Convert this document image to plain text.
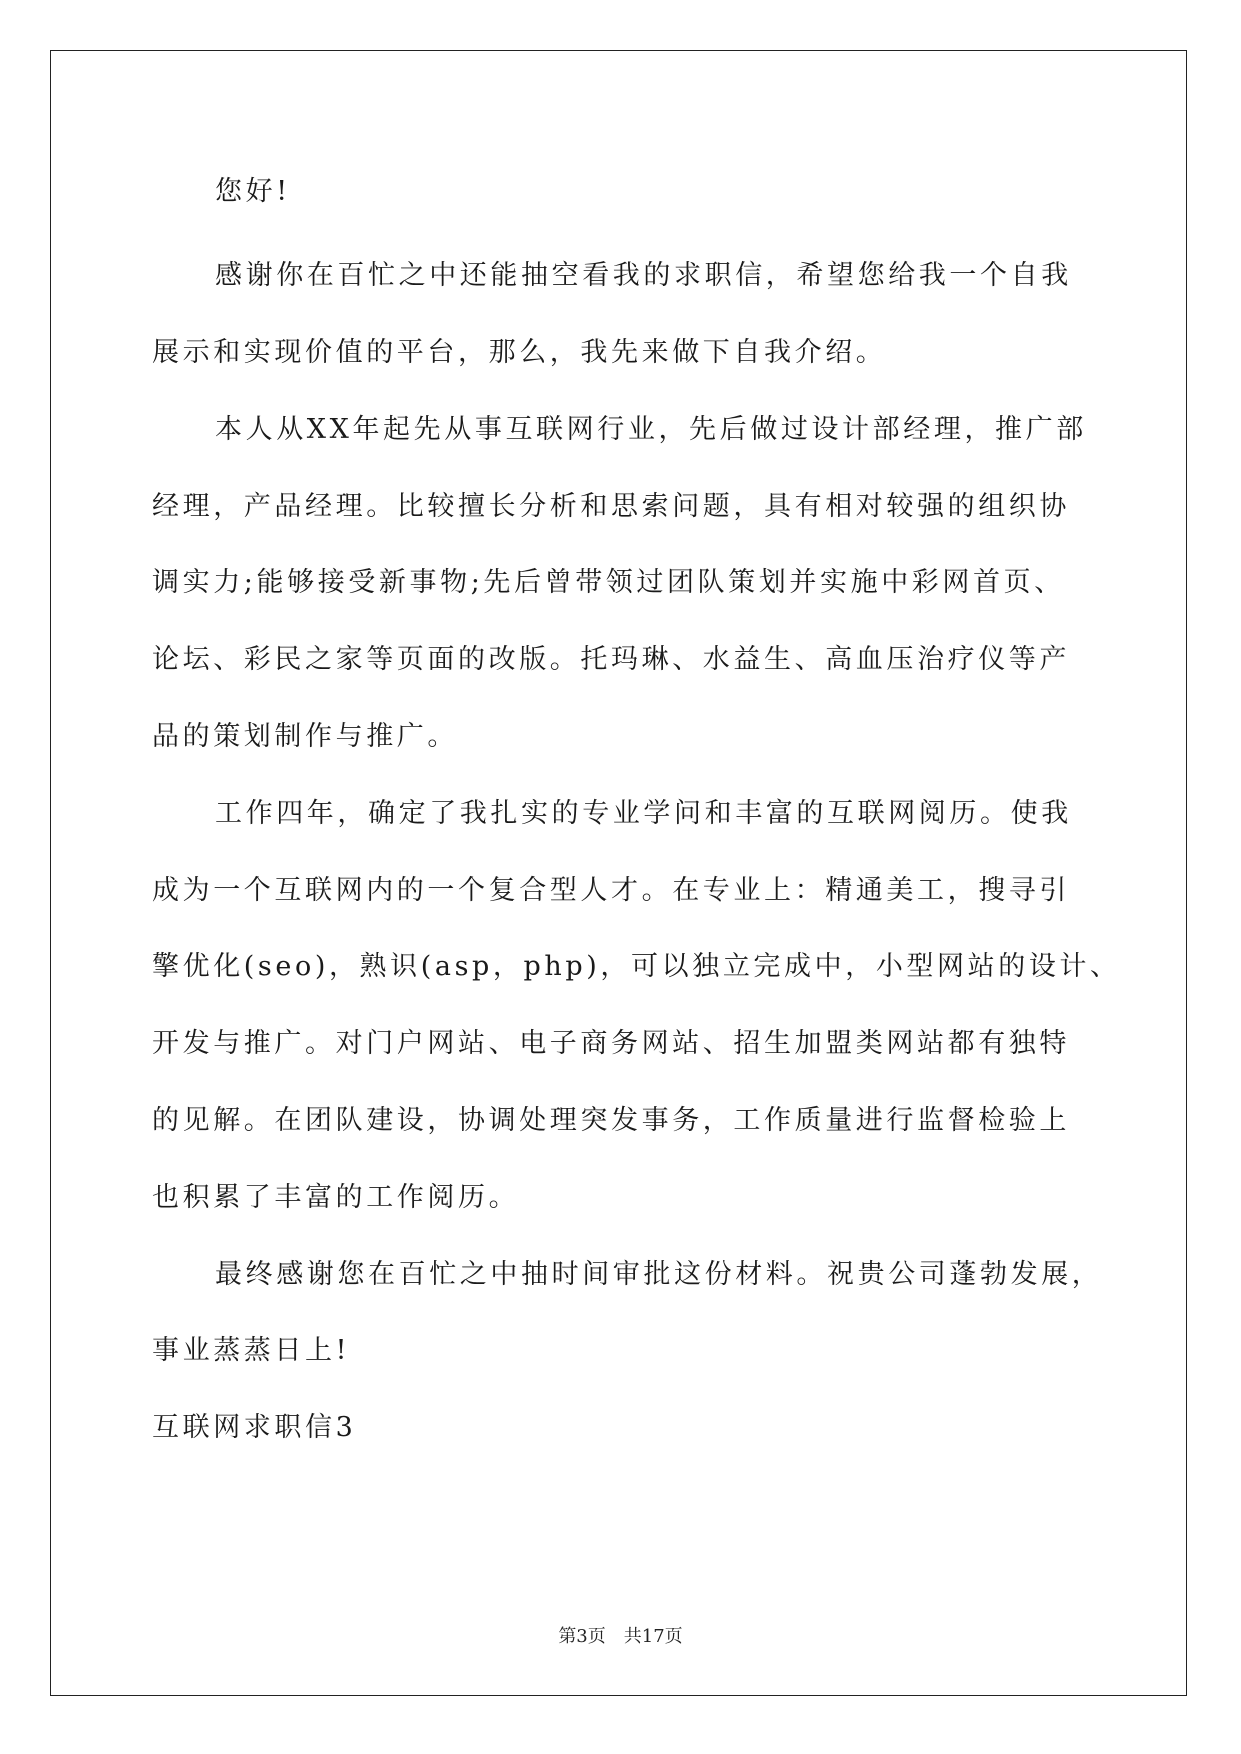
您好!
感谢你在百忙之中还能抽空看我的求职信，希望您给我一个自我
展示和实现价值的平台，那么，我先来做下自我介绍。
本人从XX年起先从事互联网行业，先后做过设计部经理，推广部
经理，产品经理。比较擅长分析和思索问题，具有相对较强的组织协
调实力;能够接受新事物;先后曾带领过团队策划并实施中彩网首页、
论坛、彩民之家等页面的改版。托玛琳、水益生、高血压治疗仪等产
品的策划制作与推广。
工作四年，确定了我扎实的专业学问和丰富的互联网阅历。使我
成为一个互联网内的一个复合型人才。在专业上：精通美工，搜寻引
擎优化(seo)，熟识(asp，php)，可以独立完成中，小型网站的设计、
开发与推广。对门户网站、电子商务网站、招生加盟类网站都有独特
的见解。在团队建设，协调处理突发事务，工作质量进行监督检验上
也积累了丰富的工作阅历。
最终感谢您在百忙之中抽时间审批这份材料。祝贵公司蓬勃发展，
事业蒸蒸日上!
互联网求职信3
第3页　共17页
